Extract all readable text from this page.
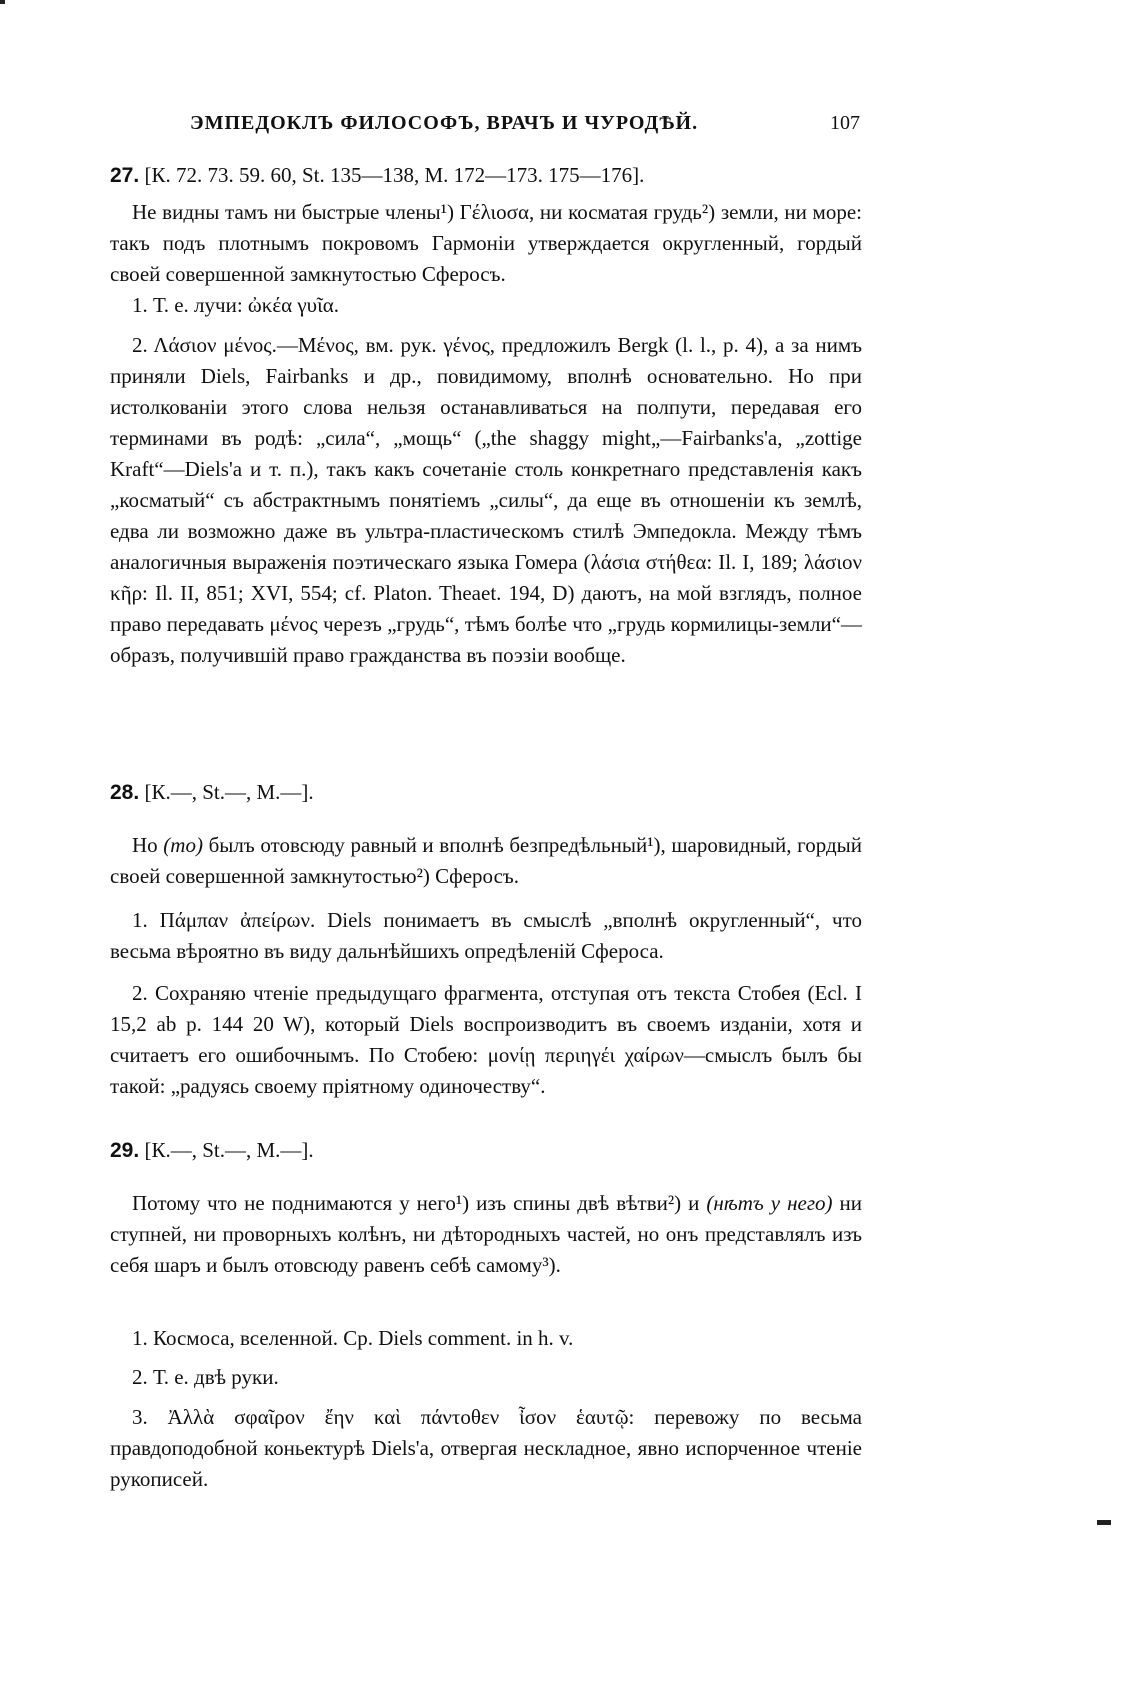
ЭМПЕДОКЛЪ ФИЛОСОФЪ, ВРАЧЪ И ЧУРОДѢЙ.	107
27. [К. 72. 73. 59. 60, St. 135—138, M. 172—173. 175—176].

Не видны тамъ ни быстрые члены¹) Гέλιοσα, ни косматая грудь²) земли, ни море: такъ подъ плотнымъ покровомъ Гармоніи утверждается округленный, гордый своей совершенной замкнутостью Сферосъ.

1. Т. е. лучи: ὠκέα γυῖα.

2. Λάσιον μένος.—Μένος, вм. рук. γένος, предложилъ Bergk (l. l., p. 4), а за нимъ приняли Diels, Fairbanks и др., повидимому, вполнѣ основательно. Но при истолкованіи этого слова нельзя останавливаться на полпути, передавая его терминами въ родѣ: „сила“, „мощь“ („the shaggy might„—Fairbanks'а, „zottige Kraft“—Diels'a и т. п.), такъ какъ сочетаніе столь конкретнаго представленія какъ „косматый“ съ абстрактнымъ понятіемъ „силы“, да еще въ отношеніи къ землѣ, едва ли возможно даже въ ультра-пластическомъ стилѣ Эмпедокла. Между тѣмъ аналогичныя выраженія поэтическаго языка Гомера (λάσια στήθεα: Il. I, 189; λάσιον κῆρ: Il. II, 851; XVI, 554; cf. Platon. Theaet. 194, D) даютъ, на мой взглядъ, полное право передавать μένος черезъ „грудь“, тѣмъ болѣе что „грудь кормилицы-земли“—образъ, получившій право гражданства въ поэзіи вообще.

28. [К.—, St.—, М.—].

Но (то) былъ отовсюду равный и вполнѣ безпредѣльный¹), шаровидный, гордый своей совершенной замкнутостью²) Сферосъ.

1. Πάμπαν ἀπείρων. Diels понимаетъ въ смыслѣ „вполнѣ округленный“, что весьма вѣроятно въ виду дальнѣйшихъ опредѣленій Сфероса.

2. Сохраняю чтеніе предыдущаго фрагмента, отступая отъ текста Стобея (Ecl. I 15,2 ab p. 144 20 W), который Diels воспроизводитъ въ своемъ изданіи, хотя и считаетъ его ошибочнымъ. По Стобею: μονίῃ περιηγέι χαίρων—смыслъ былъ бы такой: „радуясь своему пріятному одиночеству“.

29. [К.—, St.—, М.—].

Потому что не поднимаются у него¹) изъ спины двѣ вѣтви²) и (нѣтъ у него) ни ступней, ни проворныхъ колѣнъ, ни дѣтородныхъ частей, но онъ представлялъ изъ себя шаръ и былъ отовсюду равенъ себѣ самому³).

1. Космоса, вселенной. Ср. Diels comment. in h. v.

2. Т. е. двѣ руки.

3. Ἀλλὰ σφαῖρον ἔην καὶ πάντοθεν ἶσον ἑαυτῷ: перевожу по весьма правдоподобной коньектурѣ Diels'а, отвергая нескладное, явно испорченное чтеніе рукописей.
